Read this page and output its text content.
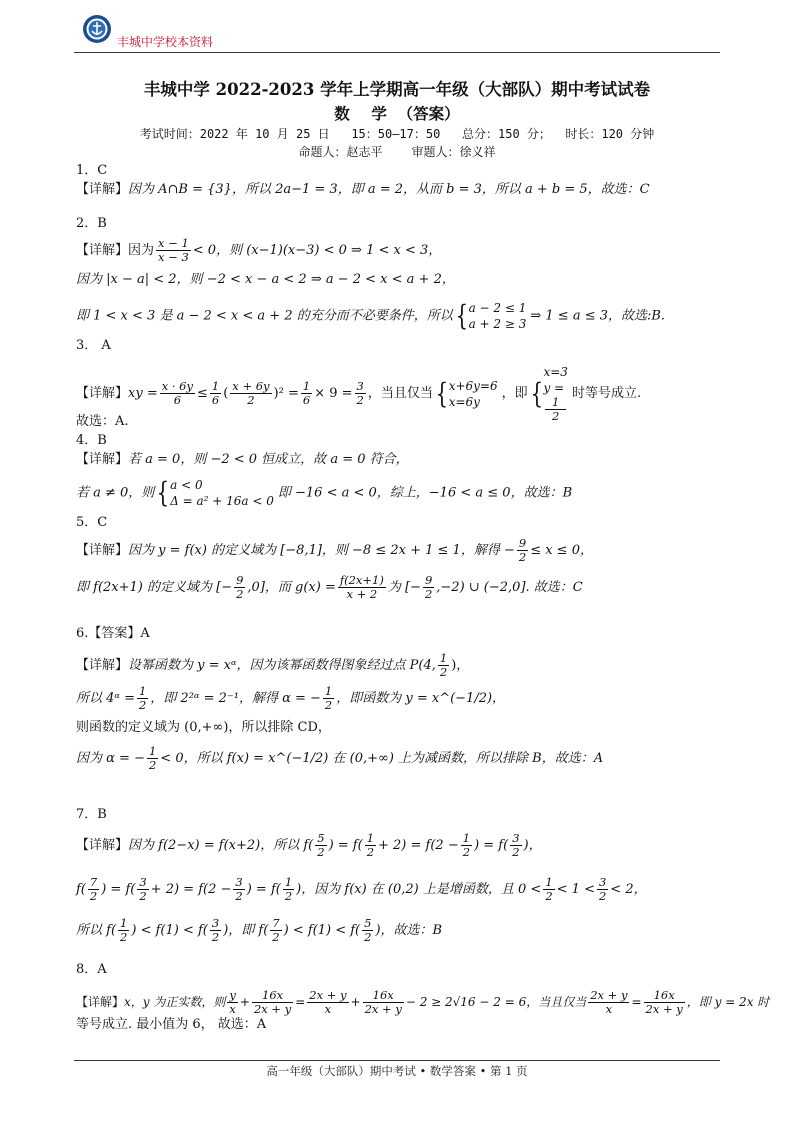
丰城中学校本资料
丰城中学 2022-2023 学年上学期高一年级（大部队）期中考试试卷
数    学  （答案）
考试时间：2022 年 10 月 25 日   15：50—17：50   总分：150 分；  时长：120 分钟
命题人：赵志平    审题人：徐义祥
1．C
【详解】因为 A∩B = {3}，所以 2a−1 = 3，即 a = 2，从而 b = 3，所以 a + b = 5，故选：C
2．B
【详解】因为 $\frac{x - 1}{x - 3} < 0$，则 (x−1)(x−3) < 0 ⇒ 1 < x < 3，
因为 |x − a| < 2，则 −2 < x − a < 2 ⇒ a − 2 < x < a + 2，
即 1 < x < 3 是 a − 2 < x < a + 2 的充分而不必要条件，所以{ a − 2 ≤ 1
a + 2 ≥ 3
⇒ 1 ≤ a ≤ 3，故选:B.
3． A
【详解】xy = $\frac{x \cdot 6y}{6} \le \frac{1}{6}$ ( $\frac{x + 6y}{2} )^2 = \frac{1}{6} \times 9 = \frac{3}{2}$ ，当且仅当{ x+6y=6
x=6y
，即{
x=3
y =
1
2
时等号成立.
故选：A.
4．B
【详解】若 a = 0，则 −2 < 0 恒成立，故 a = 0 符合，
若 a ≠ 0，则{ a < 0
Δ = a² + 16a < 0
即 −16 < a < 0，综上，−16 < a ≤ 0，故选：B
5．C
【详解】因为 y = f(x) 的定义域为 [−8,1]，则 −8 ≤ 2x + 1 ≤ 1，解得 − $\frac{9}{2} \le x \le 0$，
即 f(2x+1) 的定义域为 [− $\frac{9}{2} ,0$]，而 $g(x) = \frac{f(2x+1)}{x + 2}$ 为 [− $\frac{9}{2} ,-2$) ∪ (−2,0]. 故选：C
6.【答案】A
【详解】设幂函数为 y = xᵅ，因为该幂函数得图象经过点 P(4, $\frac{1}{2}$ )，
所以 4ᵅ = $\frac{1}{2}$ ，即 2²ᵅ = 2⁻¹，解得 α = − $\frac{1}{2}$ ，即函数为 y = x^(−1/2)，
则函数的定义域为 (0,+∞)，所以排除 CD，
因为 α = − $\frac{1}{2} < 0$，所以 f(x) = x^(−1/2) 在 (0,+∞) 上为减函数，所以排除 B，故选：A
7．B
【详解】因为 f(2−x) = f(x+2)，所以 $f( \frac{5}{2}$ ) = $f( \frac{1}{2} + 2) = f(2 - \frac{1}{2}$ ) = $f( \frac{3}{2}$ )，
$f( \frac{7}{2}$ ) = $f( \frac{3}{2} + 2) = f(2 - \frac{3}{2}$ ) = $f( \frac{1}{2}$ )，因为 f(x) 在 (0,2) 上是增函数，且 $0 < \frac{1}{2} < 1 < \frac{3}{2} < 2$，
所以 $f( \frac{1}{2}$ ) < $f(1) < f( \frac{3}{2}$ )，即 $f( \frac{7}{2}$ ) < $f(1) < f( \frac{5}{2}$ )，故选：B
8．A
【详解】x，y 为正实数，则 $\frac{y}{x} + \frac{16x}{2x + y} = \frac{2x + y}{x} + \frac{16x}{2x + y} - 2 \ge 2√16 - 2 = 6$，当且仅当 $\frac{2x + y}{x} = \frac{16x}{2x + y}$ ，即 y = 2x 时
等号成立. 最小值为 6， 故选：A
高一年级（大部队）期中考试 • 数学答案 • 第 1 页
